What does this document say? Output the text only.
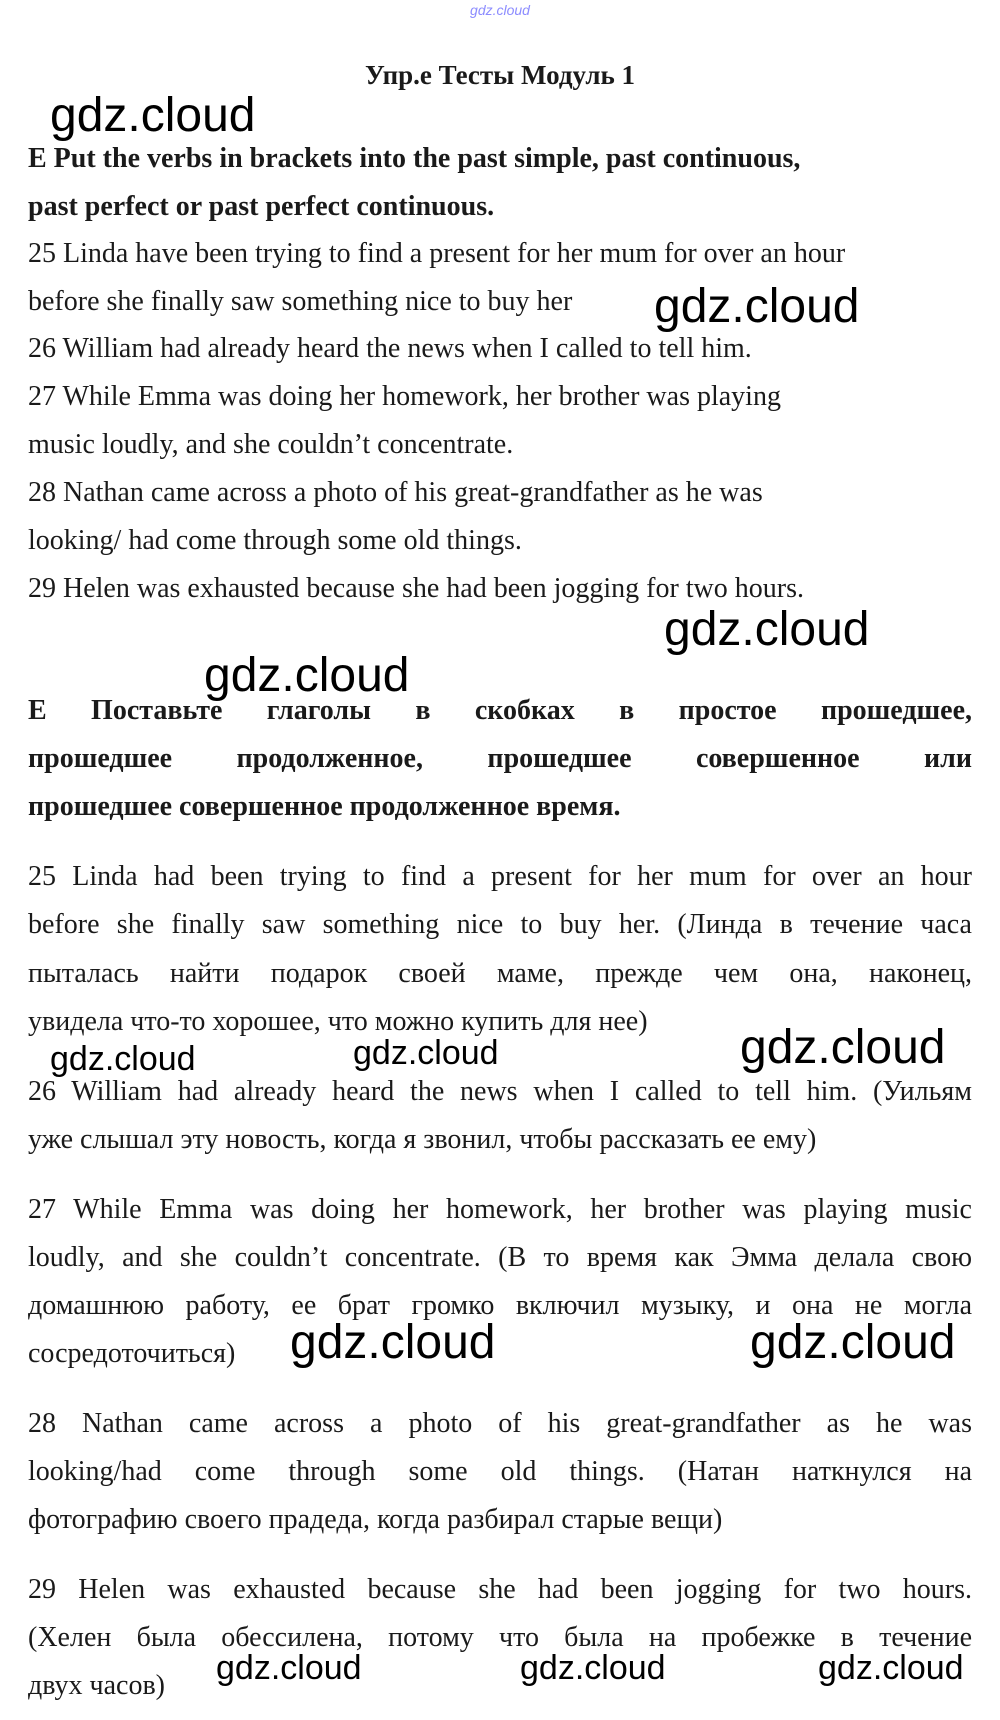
gdz.cloud
Упр.е Тесты Модуль 1
E Put the verbs in brackets into the past simple, past continuous,
past perfect or past perfect continuous.
25 Linda have been trying to find a present for her mum for over an hour
before she finally saw something nice to buy her
26 William had already heard the news when I called to tell him.
27 While Emma was doing her homework, her brother was playing
music loudly, and she couldn’t concentrate.
28 Nathan came across a photo of his great-grandfather as he was
looking/ had come through some old things.
29 Helen was exhausted because she had been jogging for two hours.
E Поставьте глаголы в скобках в простое прошедшее,
прошедшее продолженное, прошедшее совершенное или
прошедшее совершенное продолженное время.
25 Linda had been trying to find a present for her mum for over an hour
before she finally saw something nice to buy her. (Линда в течение часа
пыталась найти подарок своей маме, прежде чем она, наконец,
увидела что-то хорошее, что можно купить для нее)
26 William had already heard the news when I called to tell him. (Уильям
уже слышал эту новость, когда я звонил, чтобы рассказать ее ему)
27 While Emma was doing her homework, her brother was playing music
loudly, and she couldn’t concentrate. (В то время как Эмма делала свою
домашнюю работу, ее брат громко включил музыку, и она не могла
сосредоточиться)
28 Nathan came across a photo of his great-grandfather as he was
looking/had come through some old things. (Натан наткнулся на
фотографию своего прадеда, когда разбирал старые вещи)
29 Helen was exhausted because she had been jogging for two hours.
(Хелен была обессилена, потому что была на пробежке в течение
двух часов)
gdz.cloud
gdz.cloud
gdz.cloud
gdz.cloud
gdz.cloud	gdz.cloud	gdz.cloud
gdz.cloud	gdz.cloud
gdz.cloud	gdz.cloud	gdz.cloud
